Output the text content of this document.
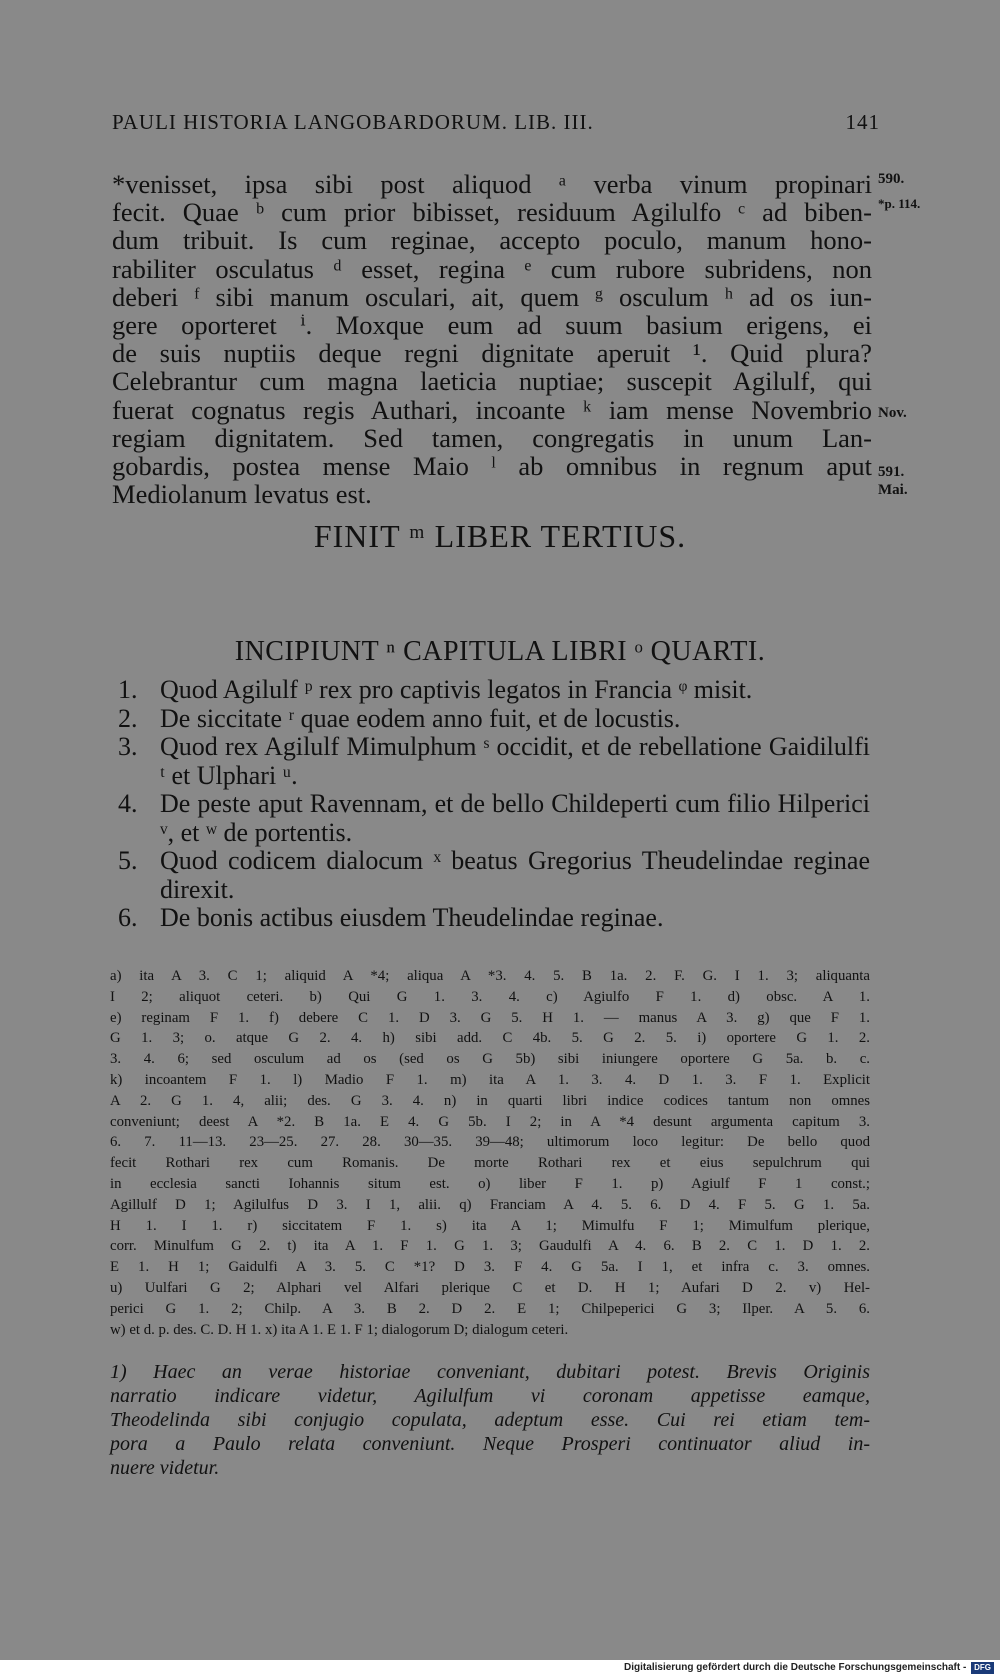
PAULI HISTORIA LANGOBARDORUM. LIB. III.	141
*venisset, ipsa sibi post aliquod ᵃ verba vinum propinari
fecit. Quae ᵇ cum prior bibisset, residuum Agilulfo ᶜ ad biben-
dum tribuit. Is cum reginae, accepto poculo, manum hono-
rabiliter osculatus ᵈ esset, regina ᵉ cum rubore subridens, non
deberi ᶠ sibi manum osculari, ait, quem ᵍ osculum ʰ ad os iun-
gere oporteret ⁱ. Moxque eum ad suum basium erigens, ei
de suis nuptiis deque regni dignitate aperuit ¹. Quid plura?
Celebrantur cum magna laeticia nuptiae; suscepit Agilulf, qui
fuerat cognatus regis Authari, incoante ᵏ iam mense Novembrio
regiam dignitatem. Sed tamen, congregatis in unum Lan-
gobardis, postea mense Maio ˡ ab omnibus in regnum aput
Mediolanum levatus est.
590.
*p. 114.
Nov.
591.
Mai.
FINIT ᵐ LIBER TERTIUS.
INCIPIUNT ⁿ CAPITULA LIBRI ᵒ QUARTI.
1. Quod Agilulf ᵖ rex pro captivis legatos in Francia ᵠ misit.
2. De siccitate ʳ quae eodem anno fuit, et de locustis.
3. Quod rex Agilulf Mimulphum ˢ occidit, et de rebellatione Gaidilulfi ᵗ et Ulphari ᵘ.
4. De peste aput Ravennam, et de bello Childeperti cum filio Hilperici ᵛ, et ʷ de portentis.
5. Quod codicem dialocum ˣ beatus Gregorius Theudelindae reginae direxit.
6. De bonis actibus eiusdem Theudelindae reginae.
a) ita A 3. C 1; aliquid A *4; aliqua A *3. 4. 5. B 1a. 2. F. G. I 1. 3; aliquanta
I 2; aliquot ceteri. b) Qui G 1. 3. 4. c) Agiulfo F 1. d) obsc. A 1.
e) reginam F 1. f) debere C 1. D 3. G 5. H 1. — manus A 3. g) que F 1.
G 1. 3; o. atque G 2. 4. h) sibi add. C 4b. 5. G 2. 5. i) oportere G 1. 2.
3. 4. 6; sed osculum ad os (sed os G 5b) sibi iniungere oportere G 5a. b. c.
k) incoantem F 1. l) Madio F 1. m) ita A 1. 3. 4. D 1. 3. F 1. Explicit
A 2. G 1. 4, alii; des. G 3. 4. n) in quarti libri indice codices tantum non omnes
conveniunt; deest A *2. B 1a. E 4. G 5b. I 2; in A *4 desunt argumenta capitum 3.
6. 7. 11—13. 23—25. 27. 28. 30—35. 39—48; ultimorum loco legitur: De bello quod
fecit Rothari rex cum Romanis. De morte Rothari rex et eius sepulchrum qui
in ecclesia sancti Iohannis situm est. o) liber F 1. p) Agiulf F 1 const.;
Agillulf D 1; Agilulfus D 3. I 1, alii. q) Franciam A 4. 5. 6. D 4. F 5. G 1. 5a.
H 1. I 1. r) siccitatem F 1. s) ita A 1; Mimulfu F 1; Mimulfum plerique,
corr. Minulfum G 2. t) ita A 1. F 1. G 1. 3; Gaudulfi A 4. 6. B 2. C 1. D 1. 2.
E 1. H 1; Gaidulfi A 3. 5. C *1? D 3. F 4. G 5a. I 1, et infra c. 3. omnes.
u) Uulfari G 2; Alphari vel Alfari plerique C et D. H 1; Aufari D 2. v) Hel-
perici G 1. 2; Chilp. A 3. B 2. D 2. E 1; Chilpeperici G 3; Ilper. A 5. 6.
w) et d. p. des. C. D. H 1. x) ita A 1. E 1. F 1; dialogorum D; dialogum ceteri.
1) Haec an verae historiae conveniant, dubitari potest. Brevis Originis
narratio indicare videtur, Agilulfum vi coronam appetisse eamque,
Theodelinda sibi conjugio copulata, adeptum esse. Cui rei etiam tem-
pora a Paulo relata conveniunt. Neque Prosperi continuator aliud in-
nuere videtur.
Digitalisierung gefördert durch die Deutsche Forschungsgemeinschaft - DFG
